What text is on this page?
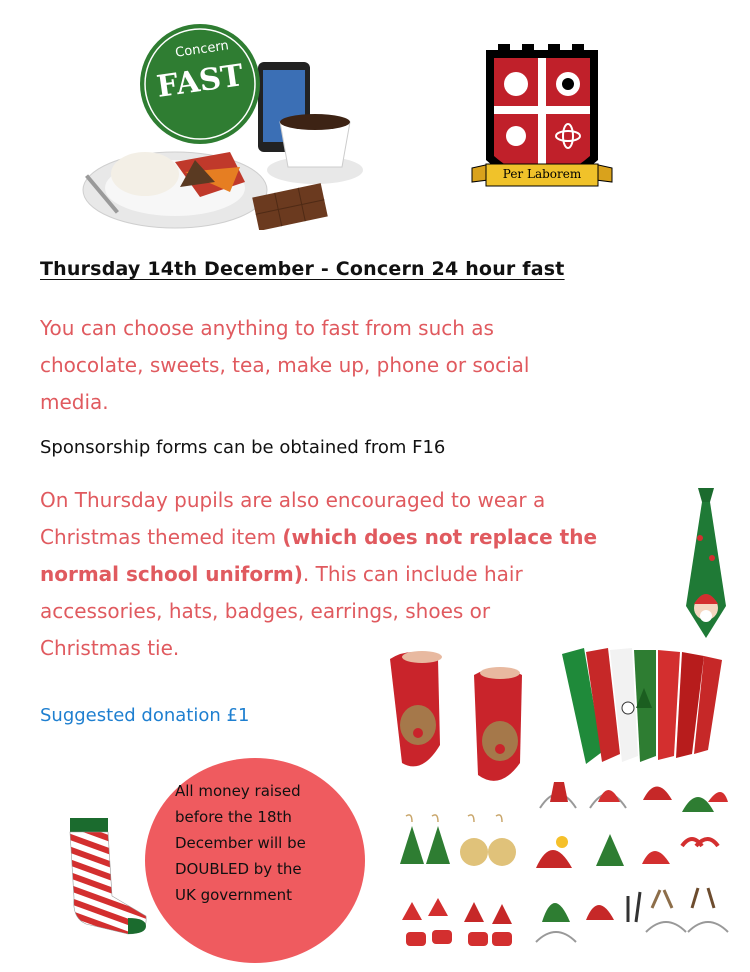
Concern
FAST
Per Laborem
Thursday 14th December - Concern 24 hour fast
You can choose anything to fast from such as
chocolate, sweets, tea, make up, phone or social
media.
Sponsorship forms can be obtained from F16
On Thursday pupils are also encouraged to wear a
Christmas themed item (which does not replace the
normal school uniform). This can include hair
accessories, hats, badges, earrings, shoes or
Christmas tie.
Suggested donation £1
All money raised
before the 18th
December will be
DOUBLED by the
UK government
